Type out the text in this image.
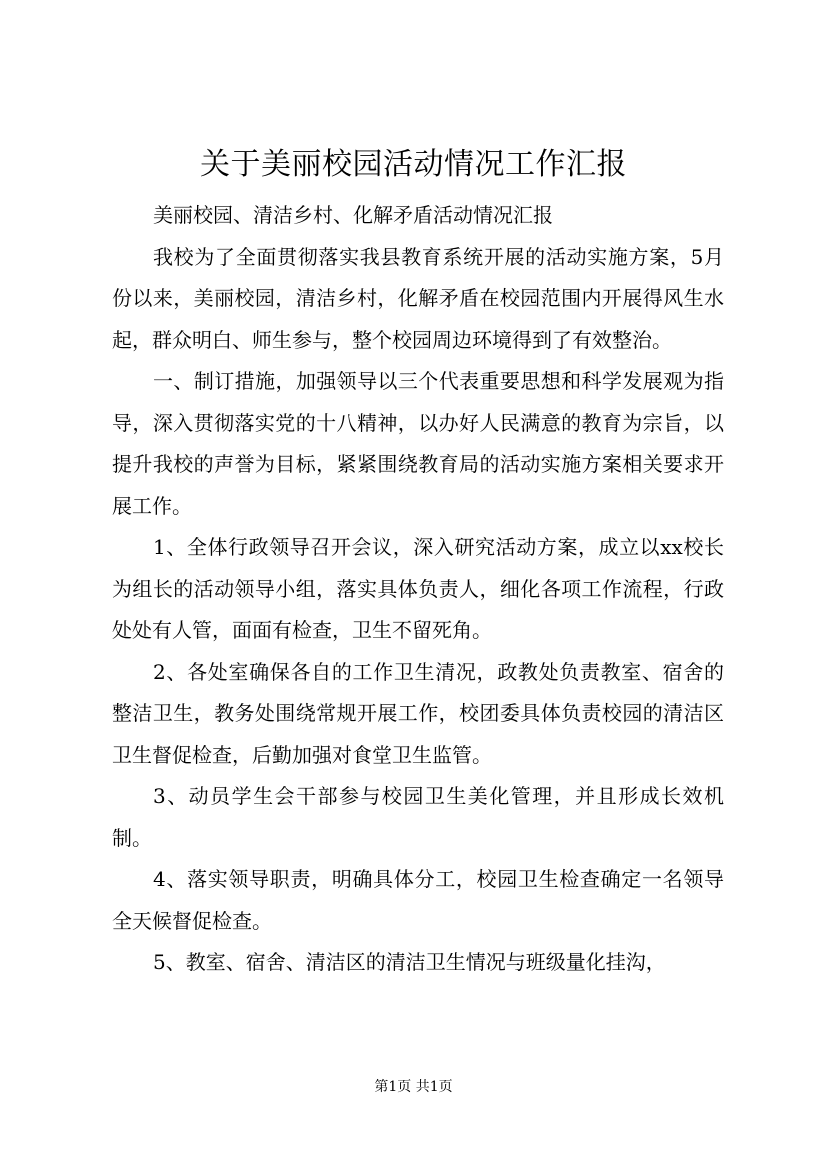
关于美丽校园活动情况工作汇报

美丽校园、清洁乡村、化解矛盾活动情况汇报

我校为了全面贯彻落实我县教育系统开展的活动实施方案，5月份以来，美丽校园，清洁乡村，化解矛盾在校园范围内开展得风生水起，群众明白、师生参与，整个校园周边环境得到了有效整治。

一、制订措施，加强领导以三个代表重要思想和科学发展观为指导，深入贯彻落实党的十八精神，以办好人民满意的教育为宗旨，以提升我校的声誉为目标，紧紧围绕教育局的活动实施方案相关要求开展工作。

1、全体行政领导召开会议，深入研究活动方案，成立以xx校长为组长的活动领导小组，落实具体负责人，细化各项工作流程，行政处处有人管，面面有检查，卫生不留死角。

2、各处室确保各自的工作卫生清况，政教处负责教室、宿舍的整洁卫生，教务处围绕常规开展工作，校团委具体负责校园的清洁区卫生督促检查，后勤加强对食堂卫生监管。

3、动员学生会干部参与校园卫生美化管理，并且形成长效机制。

4、落实领导职责，明确具体分工，校园卫生检查确定一名领导全天候督促检查。

5、教室、宿舍、清洁区的清洁卫生情况与班级量化挂沟，

第1页 共1页
